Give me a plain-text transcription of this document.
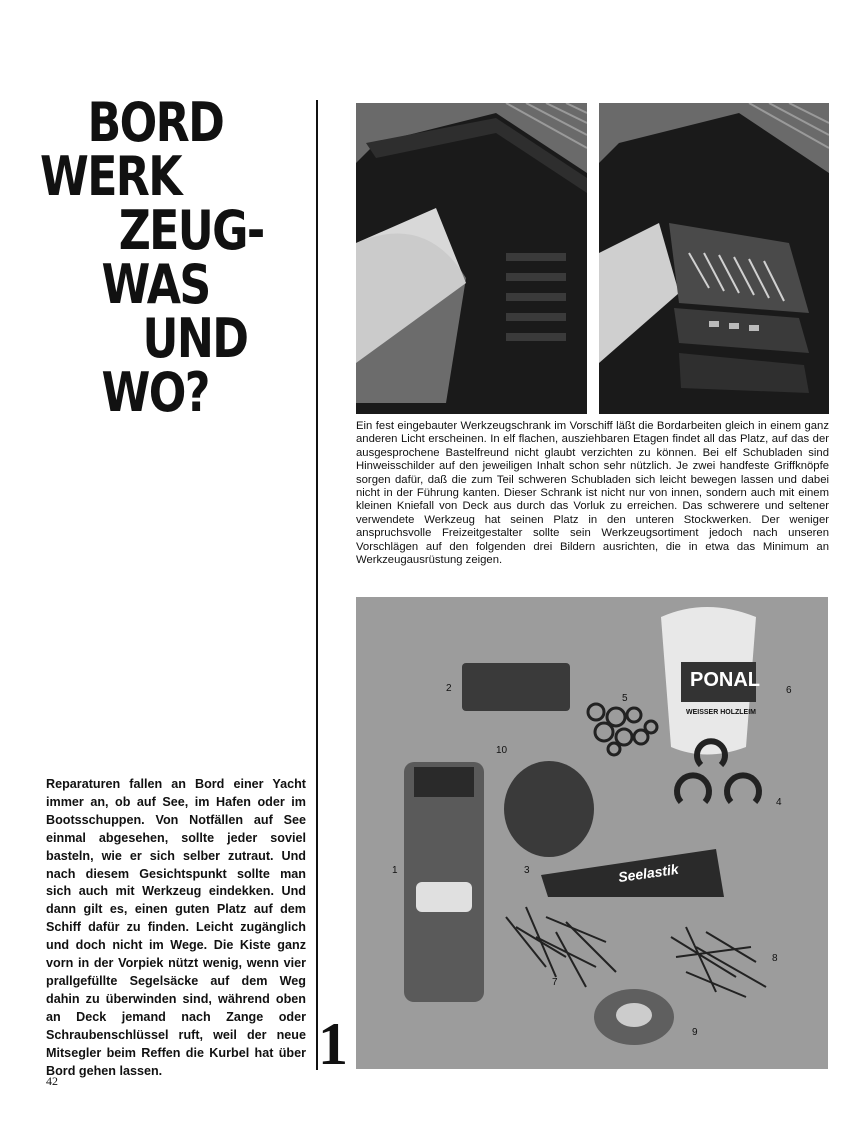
BORD
WERK
ZEUG-
WAS
UND
WO?

Ein fest eingebauter Werkzeugschrank im Vorschiff läßt die Bordarbeiten gleich in einem ganz anderen Licht erscheinen. In elf flachen, ausziehbaren Etagen findet all das Platz, auf das der ausgesprochene Bastelfreund nicht glaubt verzichten zu können. Bei elf Schubladen sind Hinweisschilder auf den jeweiligen Inhalt schon sehr nützlich. Je zwei handfeste Griffknöpfe sorgen dafür, daß die zum Teil schweren Schubladen sich leicht bewegen lassen und dabei nicht in der Führung kanten. Dieser Schrank ist nicht nur von innen, sondern auch mit einem kleinen Kniefall von Deck aus durch das Vorluk zu erreichen. Das schwerere und seltener verwendete Werkzeug hat seinen Platz in den unteren Stockwerken. Der weniger anspruchsvolle Freizeitgestalter sollte sein Werkzeugsortiment jedoch nach unseren Vorschlägen auf den folgenden drei Bildern ausrichten, die in etwa das Minimum an Werkzeugausrüstung zeigen.

2
5
6
10
4
1	3
8
7
9
PONAL
WEISSER HOLZLEIM
Seelastik
1

Reparaturen fallen an Bord einer Yacht immer an, ob auf See, im Hafen oder im Bootsschuppen. Von Notfällen auf See einmal abgesehen, sollte jeder soviel basteln, wie er sich selber zutraut. Und nach diesem Gesichtspunkt sollte man sich auch mit Werkzeug eindekken. Und dann gilt es, einen guten Platz auf dem Schiff dafür zu finden. Leicht zugänglich und doch nicht im Wege. Die Kiste ganz vorn in der Vorpiek nützt wenig, wenn vier prallgefüllte Segelsäcke auf dem Weg dahin zu überwinden sind, während oben an Deck jemand nach Zange oder Schraubenschlüssel ruft, weil der neue Mitsegler beim Reffen die Kurbel hat über Bord gehen lassen.

42
